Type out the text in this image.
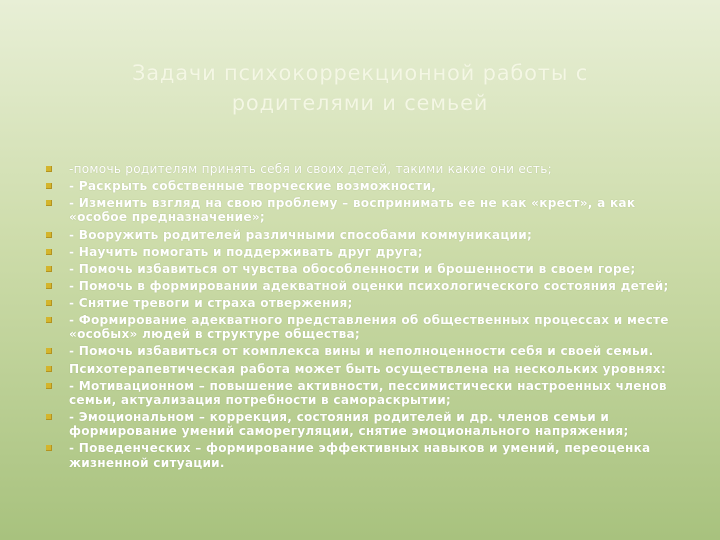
Задачи психокоррекционной работы с
родителями и семьей
-помочь родителям принять себя и своих детей, такими какие они есть;
- Раскрыть собственные творческие возможности,
- Изменить взгляд на свою проблему – воспринимать ее не как «крест», а как «особое предназначение»;
- Вооружить родителей различными способами коммуникации;
- Научить помогать и поддерживать друг друга;
- Помочь избавиться от чувства обособленности и брошенности в своем горе;
- Помочь в формировании адекватной оценки психологического состояния детей;
- Снятие тревоги и страха отвержения;
- Формирование адекватного представления об общественных процессах и месте «особых» людей в структуре общества;
- Помочь избавиться от комплекса вины и неполноценности себя и своей семьи.
Психотерапевтическая работа может быть осуществлена на нескольких уровнях:
- Мотивационном – повышение активности, пессимистически настроенных членов семьи, актуализация потребности в самораскрытии;
- Эмоциональном – коррекция, состояния родителей и др. членов семьи и формирование умений саморегуляции, снятие эмоционального напряжения;
- Поведенческих – формирование эффективных навыков и умений, переоценка жизненной ситуации.
